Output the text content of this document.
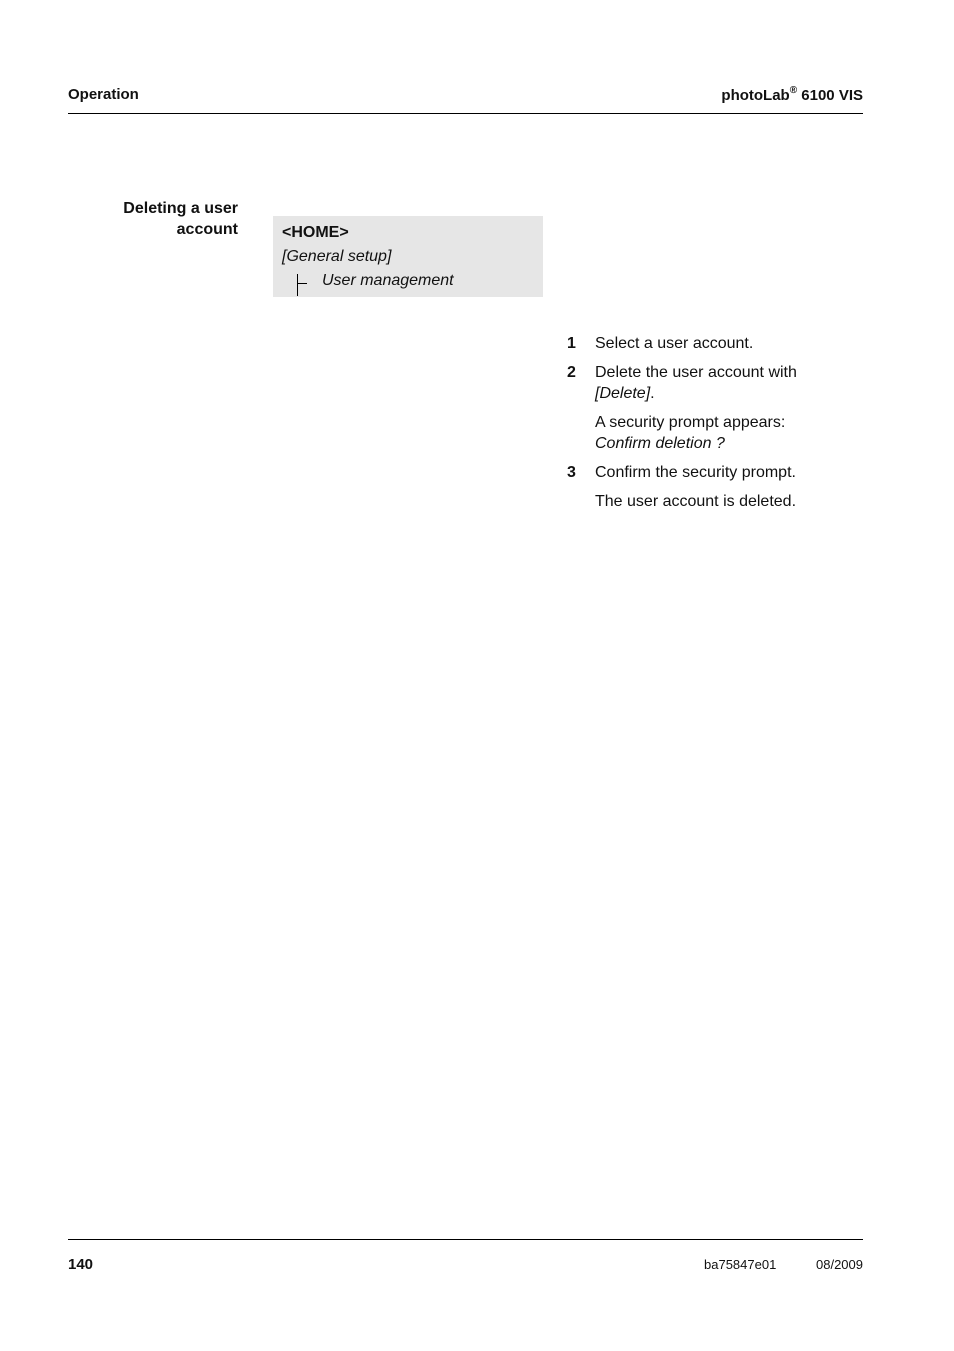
Operation	photoLab® 6100 VIS
Deleting a user account	<HOME>
[General setup]
User management
1 Select a user account.
2 Delete the user account with [Delete].
A security prompt appears:
Confirm deletion ?
3 Confirm the security prompt.
The user account is deleted.
140	ba75847e01	08/2009
